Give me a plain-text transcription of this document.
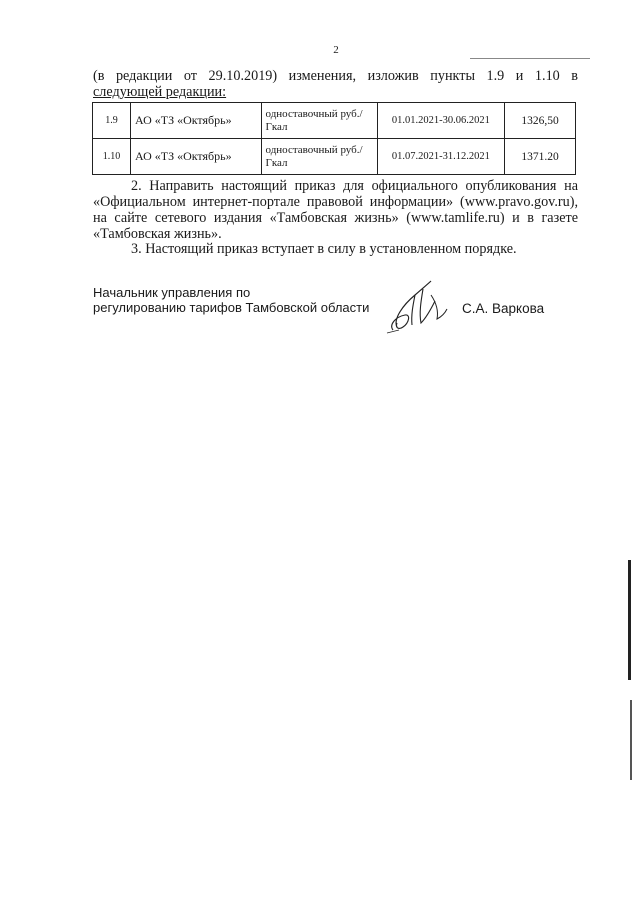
2
(в редакции от 29.10.2019) изменения, изложив пункты 1.9 и 1.10 в
следующей редакции:
1.9	АО «ТЗ «Октябрь»	одноставочный руб./Гкал	01.01.2021-30.06.2021	1326,50
1.10	АО «ТЗ «Октябрь»	одноставочный руб./Гкал	01.07.2021-31.12.2021	1371.20
2. Направить настоящий приказ для официального опубликования на
«Официальном интернет-портале правовой информации» (www.pravo.gov.ru),
на сайте сетевого издания «Тамбовская жизнь» (www.tamlife.ru) и в газете
«Тамбовская жизнь».
3. Настоящий приказ вступает в силу в установленном порядке.
Начальник управления по
регулированию тарифов Тамбовской области	С.А. Варкова
